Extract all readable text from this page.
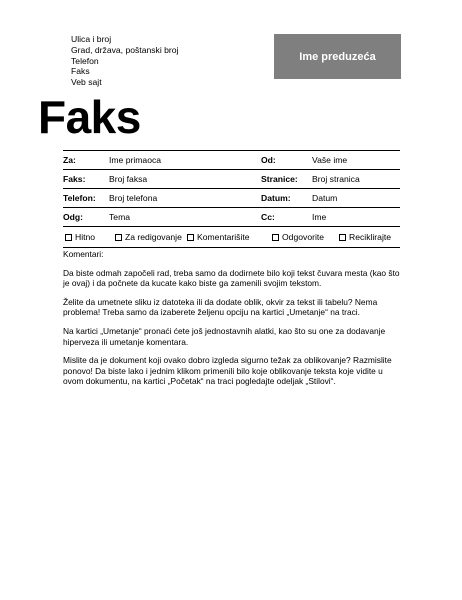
Ulica i broj
Grad, država, poštanski broj
Telefon
Faks
Veb sajt
Ime preduzeća
Faks
Za:	Ime primaoca	Od:	Vaše ime
Faks:	Broj faksa	Stranice:	Broj stranica
Telefon:	Broj telefona	Datum:	Datum
Odg:	Tema	Cc:	Ime
Hitno	Za redigovanje Komentarišite	Odgovorite	Reciklirajte

Komentari:

Da biste odmah započeli rad, treba samo da dodirnete bilo koji tekst čuvara mesta (kao što je ovaj) i da počnete da kucate kako biste ga zamenili svojim tekstom.

Želite da umetnete sliku iz datoteka ili da dodate oblik, okvir za tekst ili tabelu? Nema problema! Treba samo da izaberete željenu opciju na kartici „Umetanje“ na traci.

Na kartici „Umetanje“ pronaći ćete još jednostavnih alatki, kao što su one za dodavanje hiperveza ili umetanje komentara.

Mislite da je dokument koji ovako dobro izgleda sigurno težak za oblikovanje? Razmislite ponovo! Da biste lako i jednim klikom primenili bilo koje oblikovanje teksta koje vidite u ovom dokumentu, na kartici „Početak“ na traci pogledajte odeljak „Stilovi“.
